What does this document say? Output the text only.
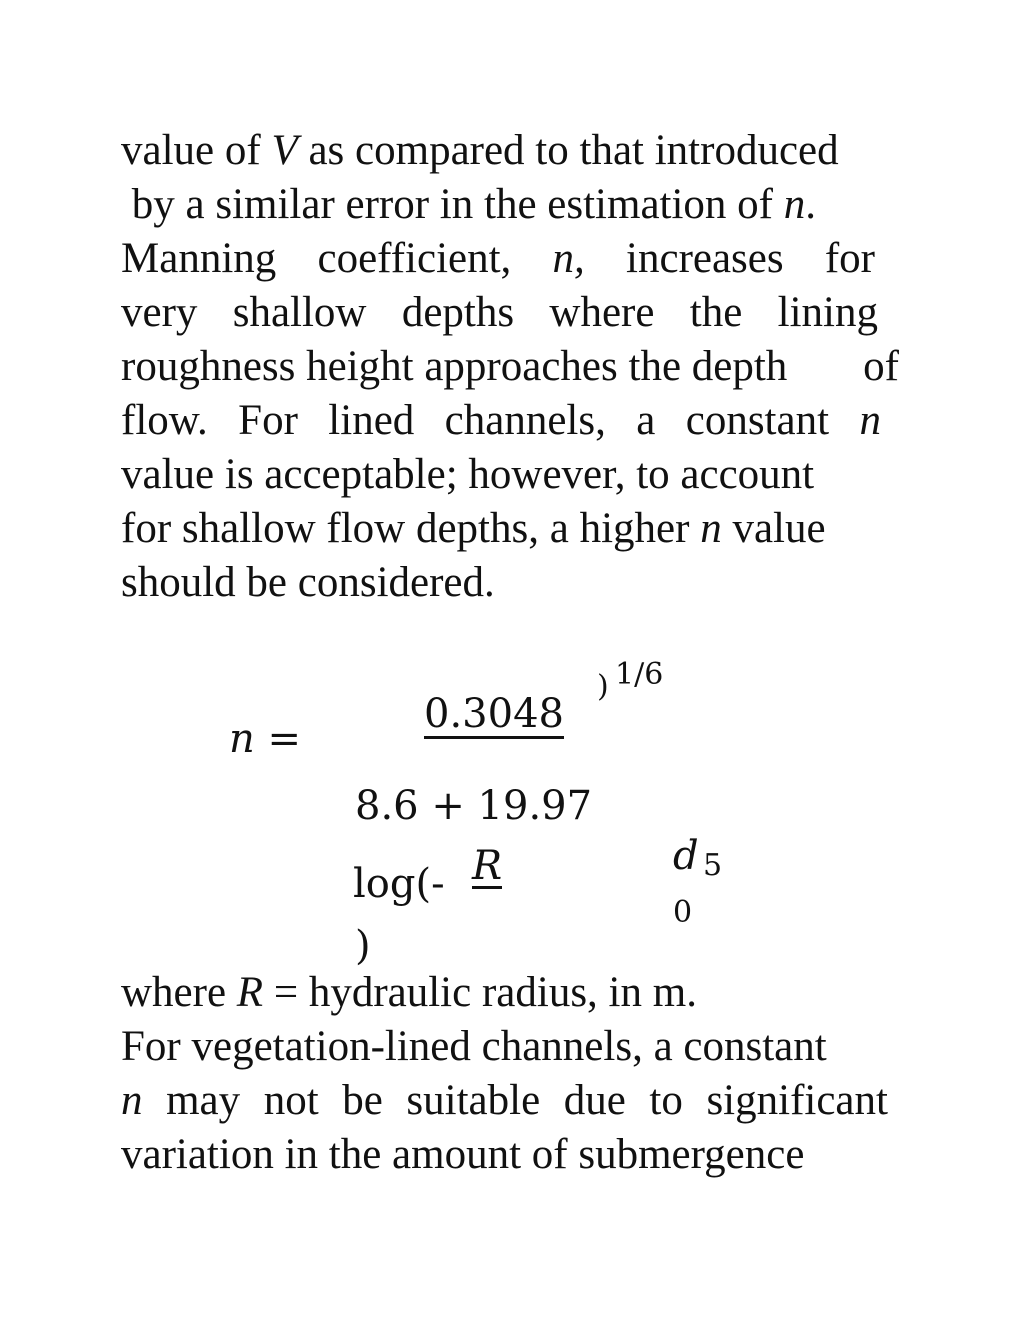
value of V as compared to that introduced
by a similar error in the estimation of n.
Manning coefficient, n, increases for
very shallow depths where the lining
roughness height approaches the depth of
flow. For lined channels, a constant n
value is acceptable; however, to account
for shallow flow depths, a higher n value
should be considered.
n =
0.3048
) 1/6
8.6 + 19.97
log(- R
)
d 5
0
where R = hydraulic radius, in m.
For vegetation-lined channels, a constant
n may not be suitable due to significant
variation in the amount of submergence
